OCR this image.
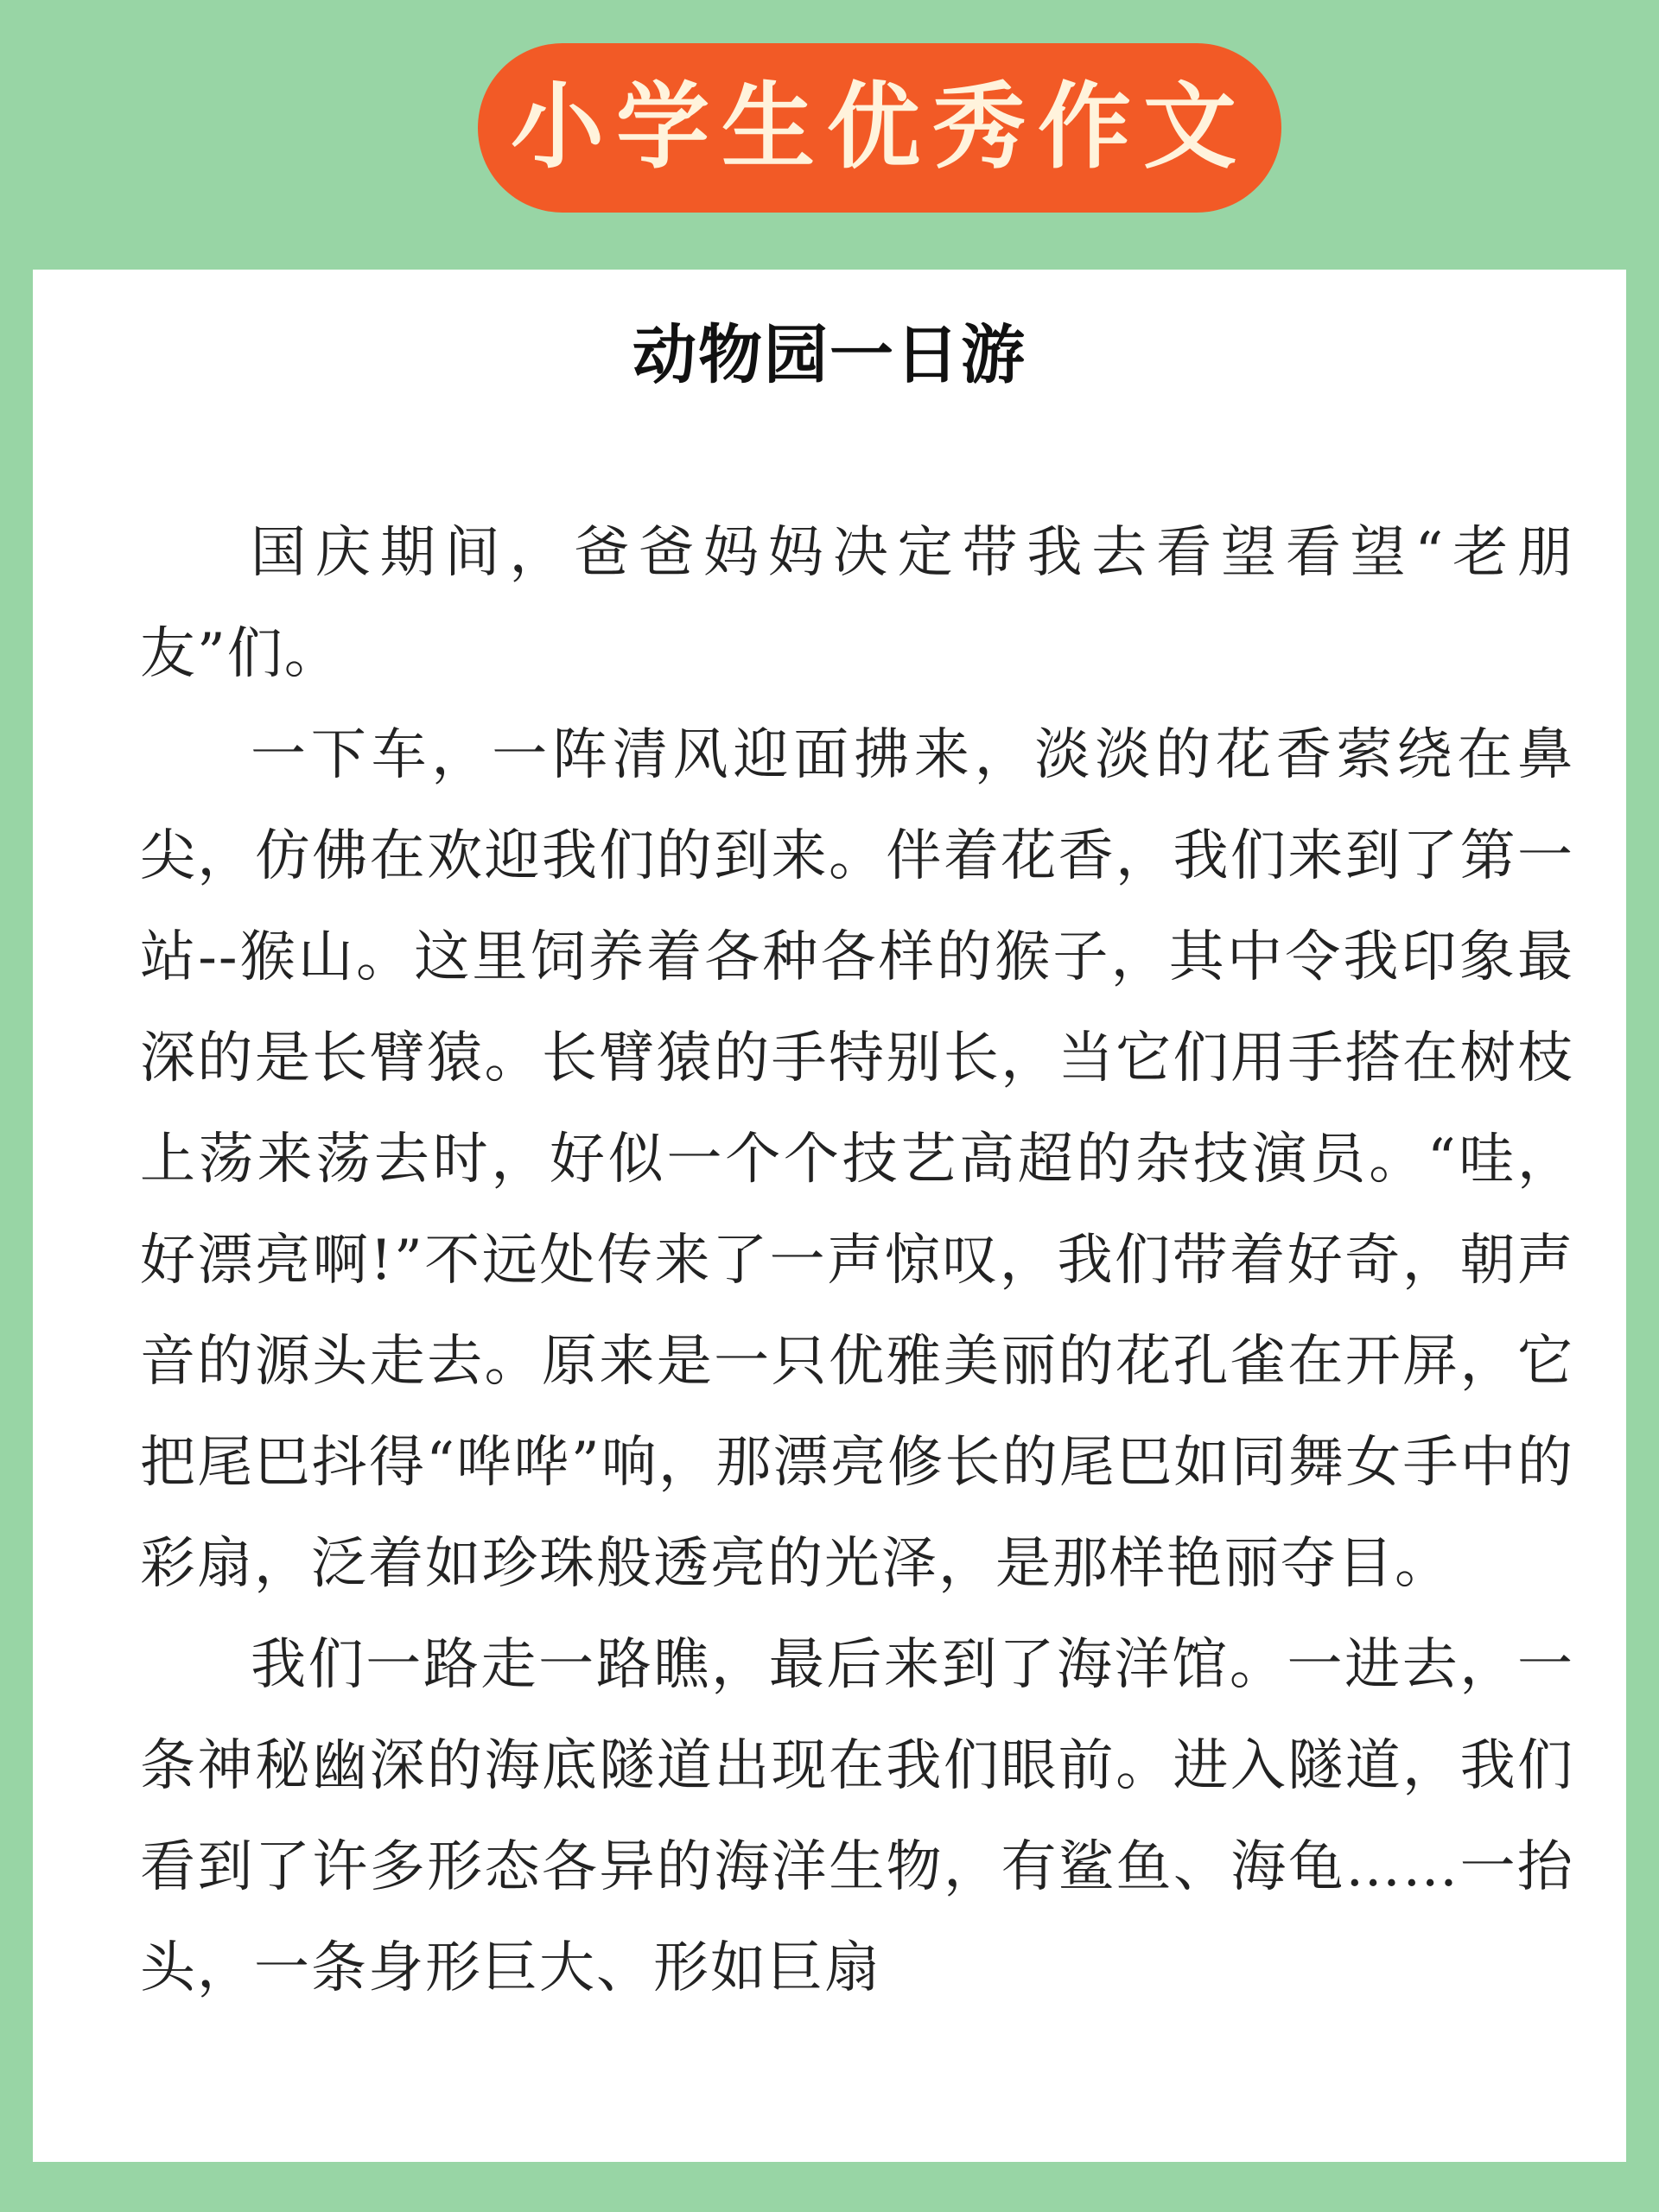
小学生优秀作文
动物园一日游

国庆期间，爸爸妈妈决定带我去看望看望“老朋友”们。

一下车，一阵清风迎面拂来，淡淡的花香萦绕在鼻尖，仿佛在欢迎我们的到来。伴着花香，我们来到了第一站--猴山。这里饲养着各种各样的猴子，其中令我印象最深的是长臂猿。长臂猿的手特别长，当它们用手搭在树枝上荡来荡去时，好似一个个技艺高超的杂技演员。“哇，好漂亮啊!”不远处传来了一声惊叹，我们带着好奇，朝声音的源头走去。原来是一只优雅美丽的花孔雀在开屏，它把尾巴抖得“哗哗”响，那漂亮修长的尾巴如同舞女手中的彩扇，泛着如珍珠般透亮的光泽，是那样艳丽夺目。

我们一路走一路瞧，最后来到了海洋馆。一进去，一条神秘幽深的海底隧道出现在我们眼前。进入隧道，我们看到了许多形态各异的海洋生物，有鲨鱼、海龟……一抬头，一条身形巨大、形如巨扇
